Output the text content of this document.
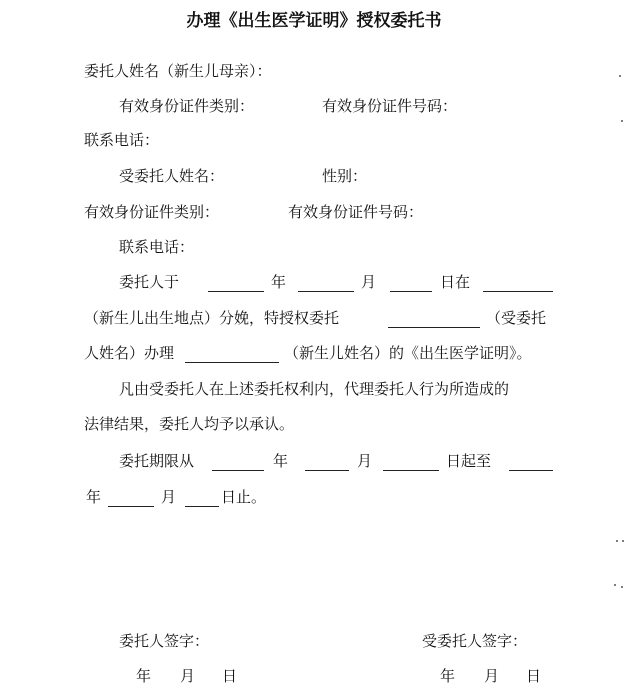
办理《出生医学证明》授权委托书
委托人姓名（新生儿母亲）：
有效身份证件类别：	有效身份证件号码：
联系电话：
受委托人姓名：	性别：
有效身份证件类别：	有效身份证件号码：
联系电话：
委托人于	年	月	日在
（新生儿出生地点）分娩，特授权委托	（受委托
人姓名）办理	（新生儿姓名）的《出生医学证明》。
凡由受委托人在上述委托权利内，代理委托人行为所造成的
法律结果，委托人均予以承认。
委托期限从	年	月	日起至
年	月	日止。
委托人签字：	受委托人签字：
年 月 日	年 月 日
